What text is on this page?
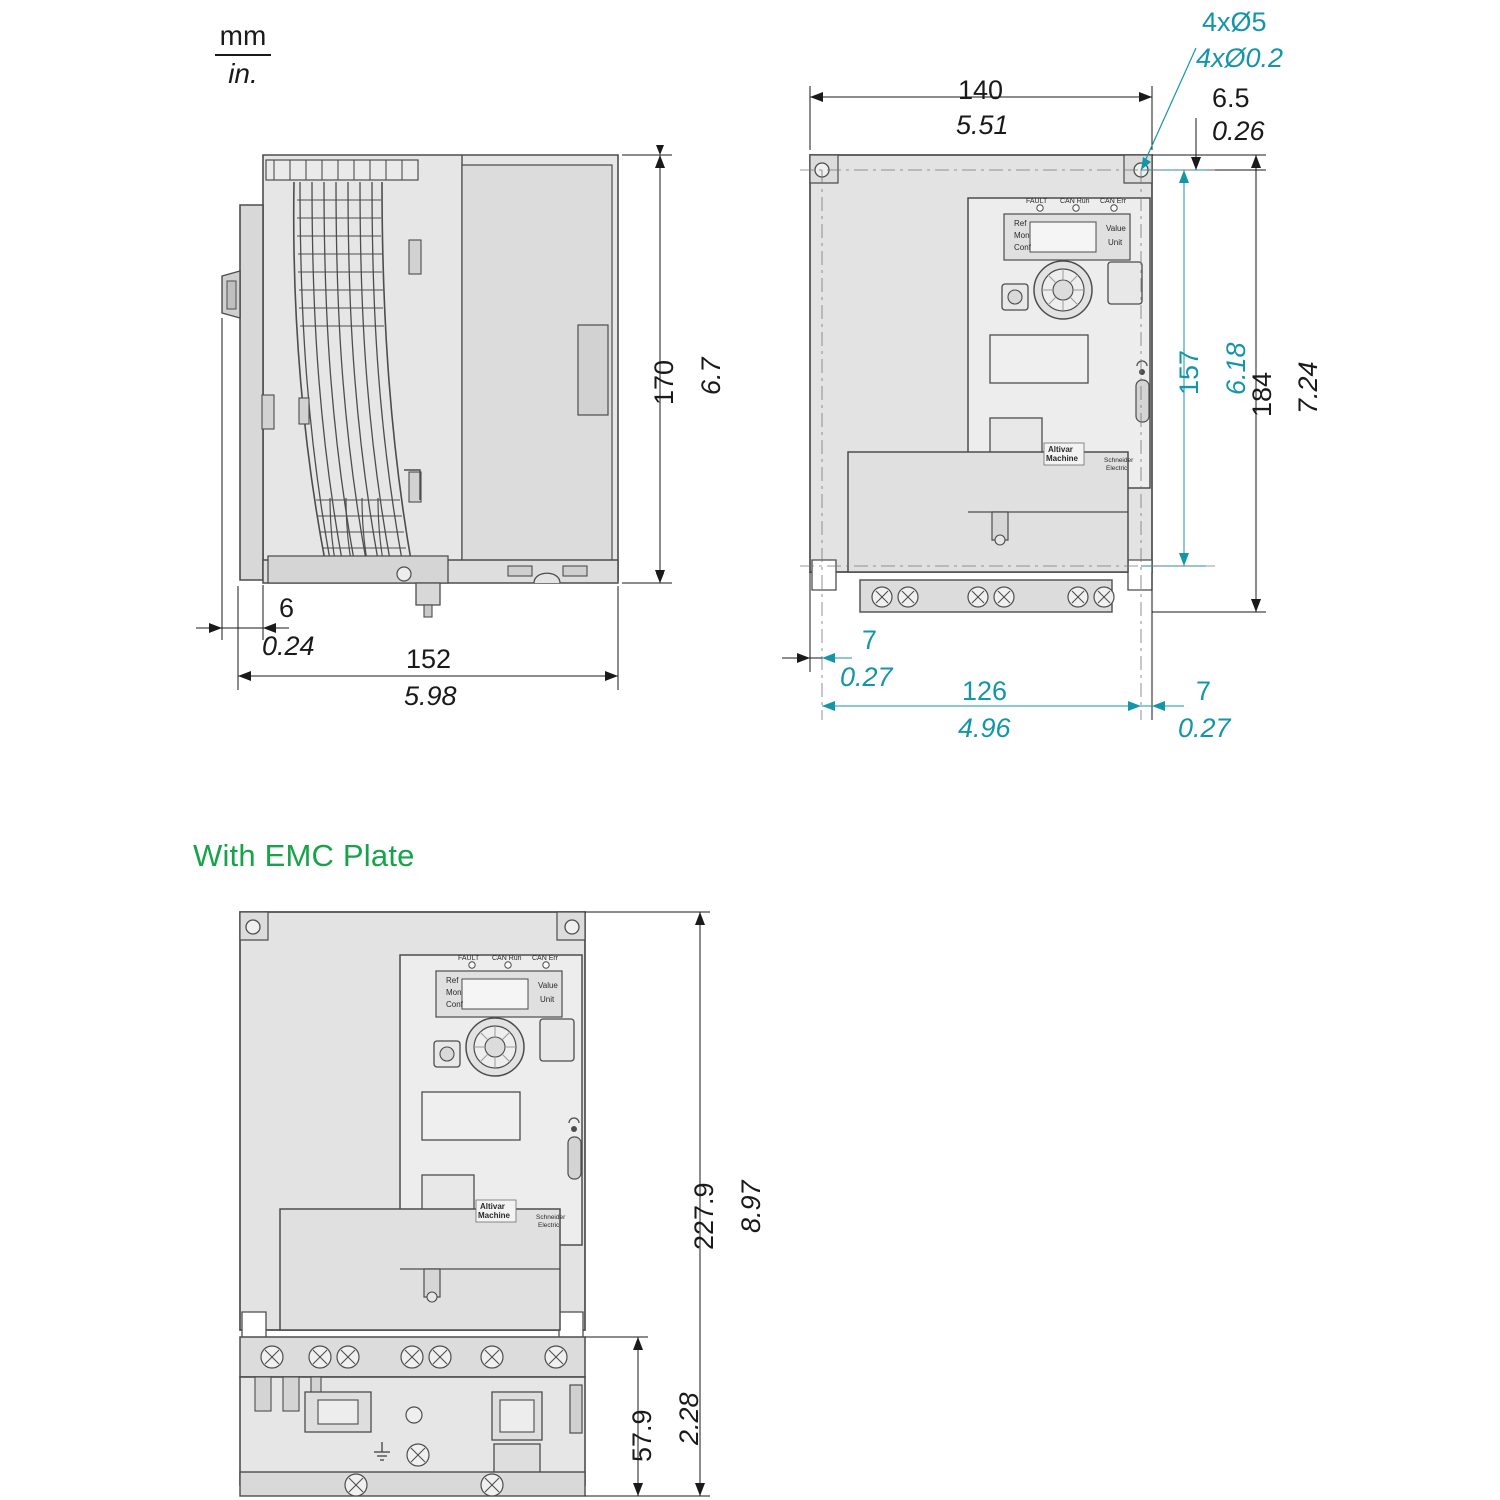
mm
in.
With EMC Plate
Ref
Mon
Conf
Value
Unit
FAULT CAN Run CAN Err
Altivar
Machine	Schneider
Electric
Ref
Mon
Conf
Value
Unit
FAULT CAN Run CAN Err
Altivar
Machine	Schneider
Electric
170 6.7
6
0.24	152
5.98
4xØ5
4xØ0.2
140
5.51
6.5
0.26
157 6.18
184 7.24
7
0.27	126
4.96
7
0.27
227.9 8.97
57.9 2.28
